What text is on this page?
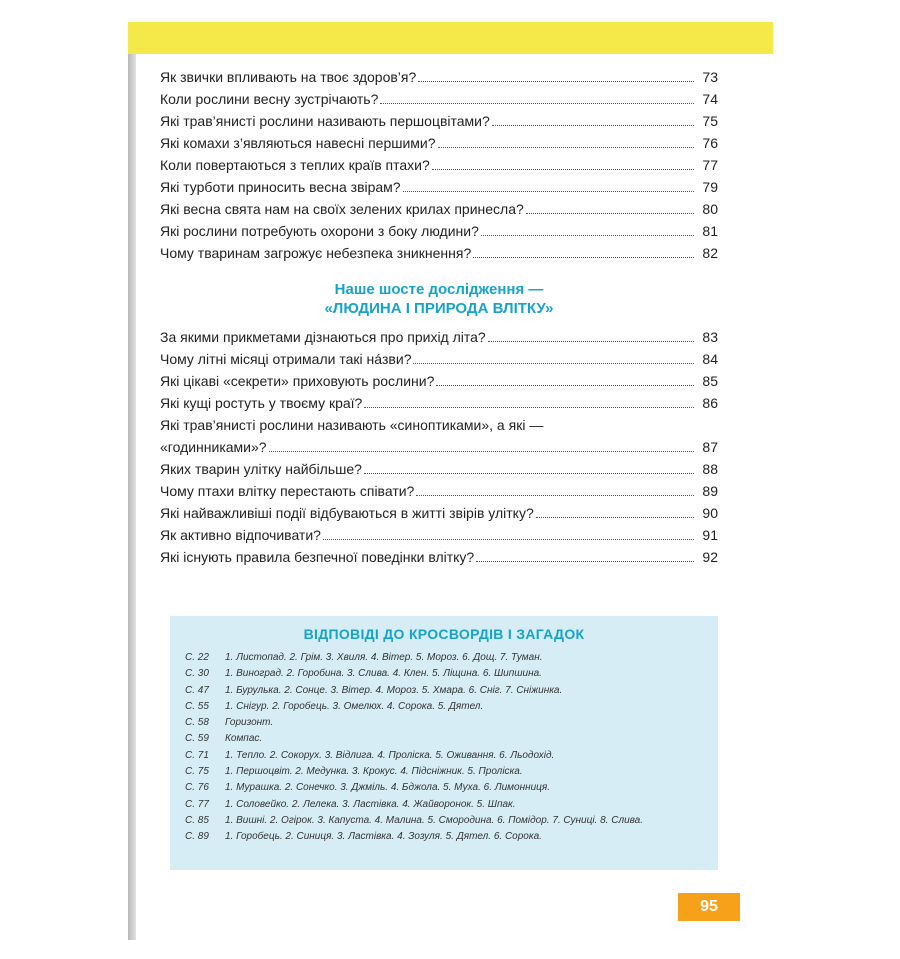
Як звички впливають на твоє здоров’я?	73
Коли рослини весну зустрічають?	74
Які трав’янисті рослини називають першоцвітами?	75
Які комахи з’являються навесні першими?	76
Коли повертаються з теплих країв птахи?	77
Які турботи приносить весна звірам?	79
Які весна свята нам на своїх зелених крилах принесла?	80
Які рослини потребують охорони з боку людини?	81
Чому тваринам загрожує небезпека зникнення?	82
Наше шосте дослідження —
«ЛЮДИНА І ПРИРОДА ВЛІТКУ»
За якими прикметами дізнаються про прихід літа?	83
Чому літні місяці отримали такі нáзви?	84
Які цікаві «секрети» приховують рослини?	85
Які кущі ростуть у твоєму краї?	86
Які трав’янисті рослини називають «синоптиками», а які —
«годинниками»?	87
Яких тварин улітку найбільше?	88
Чому птахи влітку перестають співати?	89
Які найважливіші події відбуваються в житті звірів улітку?	90
Як активно відпочивати?	91
Які існують правила безпечної поведінки влітку?	92
ВІДПОВІДІ ДО КРОСВОРДІВ І ЗАГАДОК
С. 22	1. Листопад. 2. Грім. 3. Хвиля. 4. Вітер. 5. Мороз. 6. Дощ. 7. Туман.
С. 30	1. Виноград. 2. Горобина. 3. Слива. 4. Клен. 5. Ліщина. 6. Шипшина.
С. 47	1. Бурулька. 2. Сонце. 3. Вітер. 4. Мороз. 5. Хмара. 6. Сніг. 7. Сніжинка.
С. 55	1. Снігур. 2. Горобець. 3. Омелюх. 4. Сорока. 5. Дятел.
С. 58	Горизонт.
С. 59	Компас.
С. 71	1. Тепло. 2. Сокорух. 3. Відлига. 4. Пролiска. 5. Оживання. 6. Льодохід.
С. 75	1. Першоцвіт. 2. Медунка. 3. Крокус. 4. Підснiжник. 5. Пролiска.
С. 76	1. Мурашка. 2. Сонечко. 3. Джміль. 4. Бджола. 5. Муха. 6. Лимонниця.
С. 77	1. Соловейко. 2. Лелека. 3. Ластівка. 4. Жайворонок. 5. Шпак.
С. 85	1. Вишні. 2. Огірок. 3. Капуста. 4. Малина. 5. Смородина. 6. Помідор. 7. Суниці. 8. Слива.
С. 89	1. Горобець. 2. Синиця. 3. Ластівка. 4. Зозуля. 5. Дятел. 6. Сорока.
95
